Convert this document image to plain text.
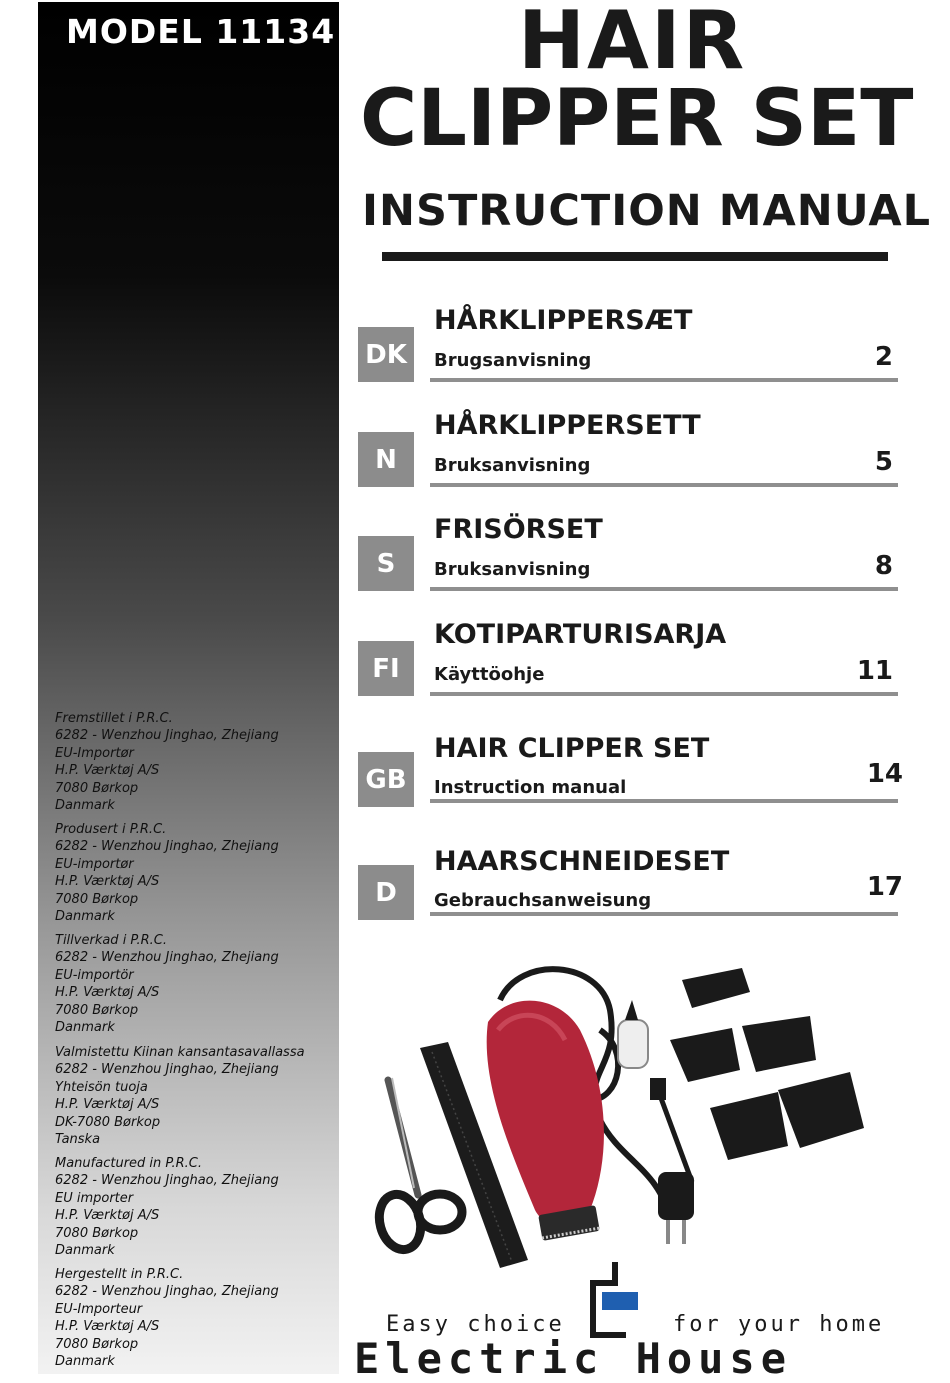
MODEL 11134
Fremstillet i P.R.C.
6282 - Wenzhou Jinghao, Zhejiang
EU-Importør
H.P. Værktøj A/S
7080 Børkop
Danmark
Produsert i P.R.C.
6282 - Wenzhou Jinghao, Zhejiang
EU-importør
H.P. Værktøj A/S
7080 Børkop
Danmark
Tillverkad i P.R.C.
6282 - Wenzhou Jinghao, Zhejiang
EU-importör
H.P. Værktøj A/S
7080 Børkop
Danmark
Valmistettu Kiinan kansantasavallassa
6282 - Wenzhou Jinghao, Zhejiang
Yhteisön tuoja
H.P. Værktøj A/S
DK-7080 Børkop
Tanska
Manufactured in P.R.C.
6282 - Wenzhou Jinghao, Zhejiang
EU importer
H.P. Værktøj A/S
7080 Børkop
Danmark
Hergestellt in P.R.C.
6282 - Wenzhou Jinghao, Zhejiang
EU-Importeur
H.P. Værktøj A/S
7080 Børkop
Danmark
HAIR
CLIPPER SET
INSTRUCTION MANUAL
DK
HÅRKLIPPERSÆT
Brugsanvisning	2
N
HÅRKLIPPERSETT
Bruksanvisning	5
S
FRISÖRSET
Bruksanvisning	8
FI
KOTIPARTURISARJA
Käyttöohje	11
GB
HAIR CLIPPER SET
Instruction manual	14
D
HAARSCHNEIDESET
Gebrauchsanweisung	17
Easy choice	for your home
Electric House
